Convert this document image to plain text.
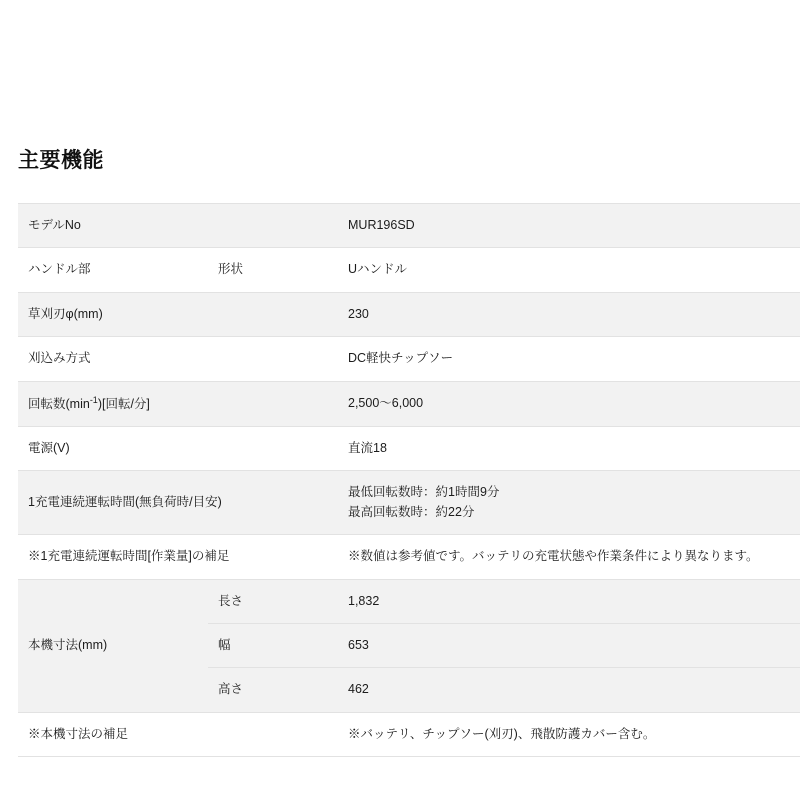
主要機能
モデルNo		MUR196SD
ハンドル部	形状	Uハンドル
草刈刃φ(mm)		230
刈込み方式		DC軽快チップソー
回転数$(\min^{-1})$[回転/分]		2,500〜6,000
電源(V)		直流18
1充電連続運転時間(無負荷時/目安)		最低回転数時：約1時間9分
最高回転数時：約22分

※1充電連続運転時間[作業量]の補足		※数値は参考値です。バッテリの充電状態や作業条件により異なります。
本機寸法(mm)	長さ	1,832
	幅	653
	高さ	462
※本機寸法の補足		※バッテリ、チップソー(刈刃)、飛散防護カバー含む。
